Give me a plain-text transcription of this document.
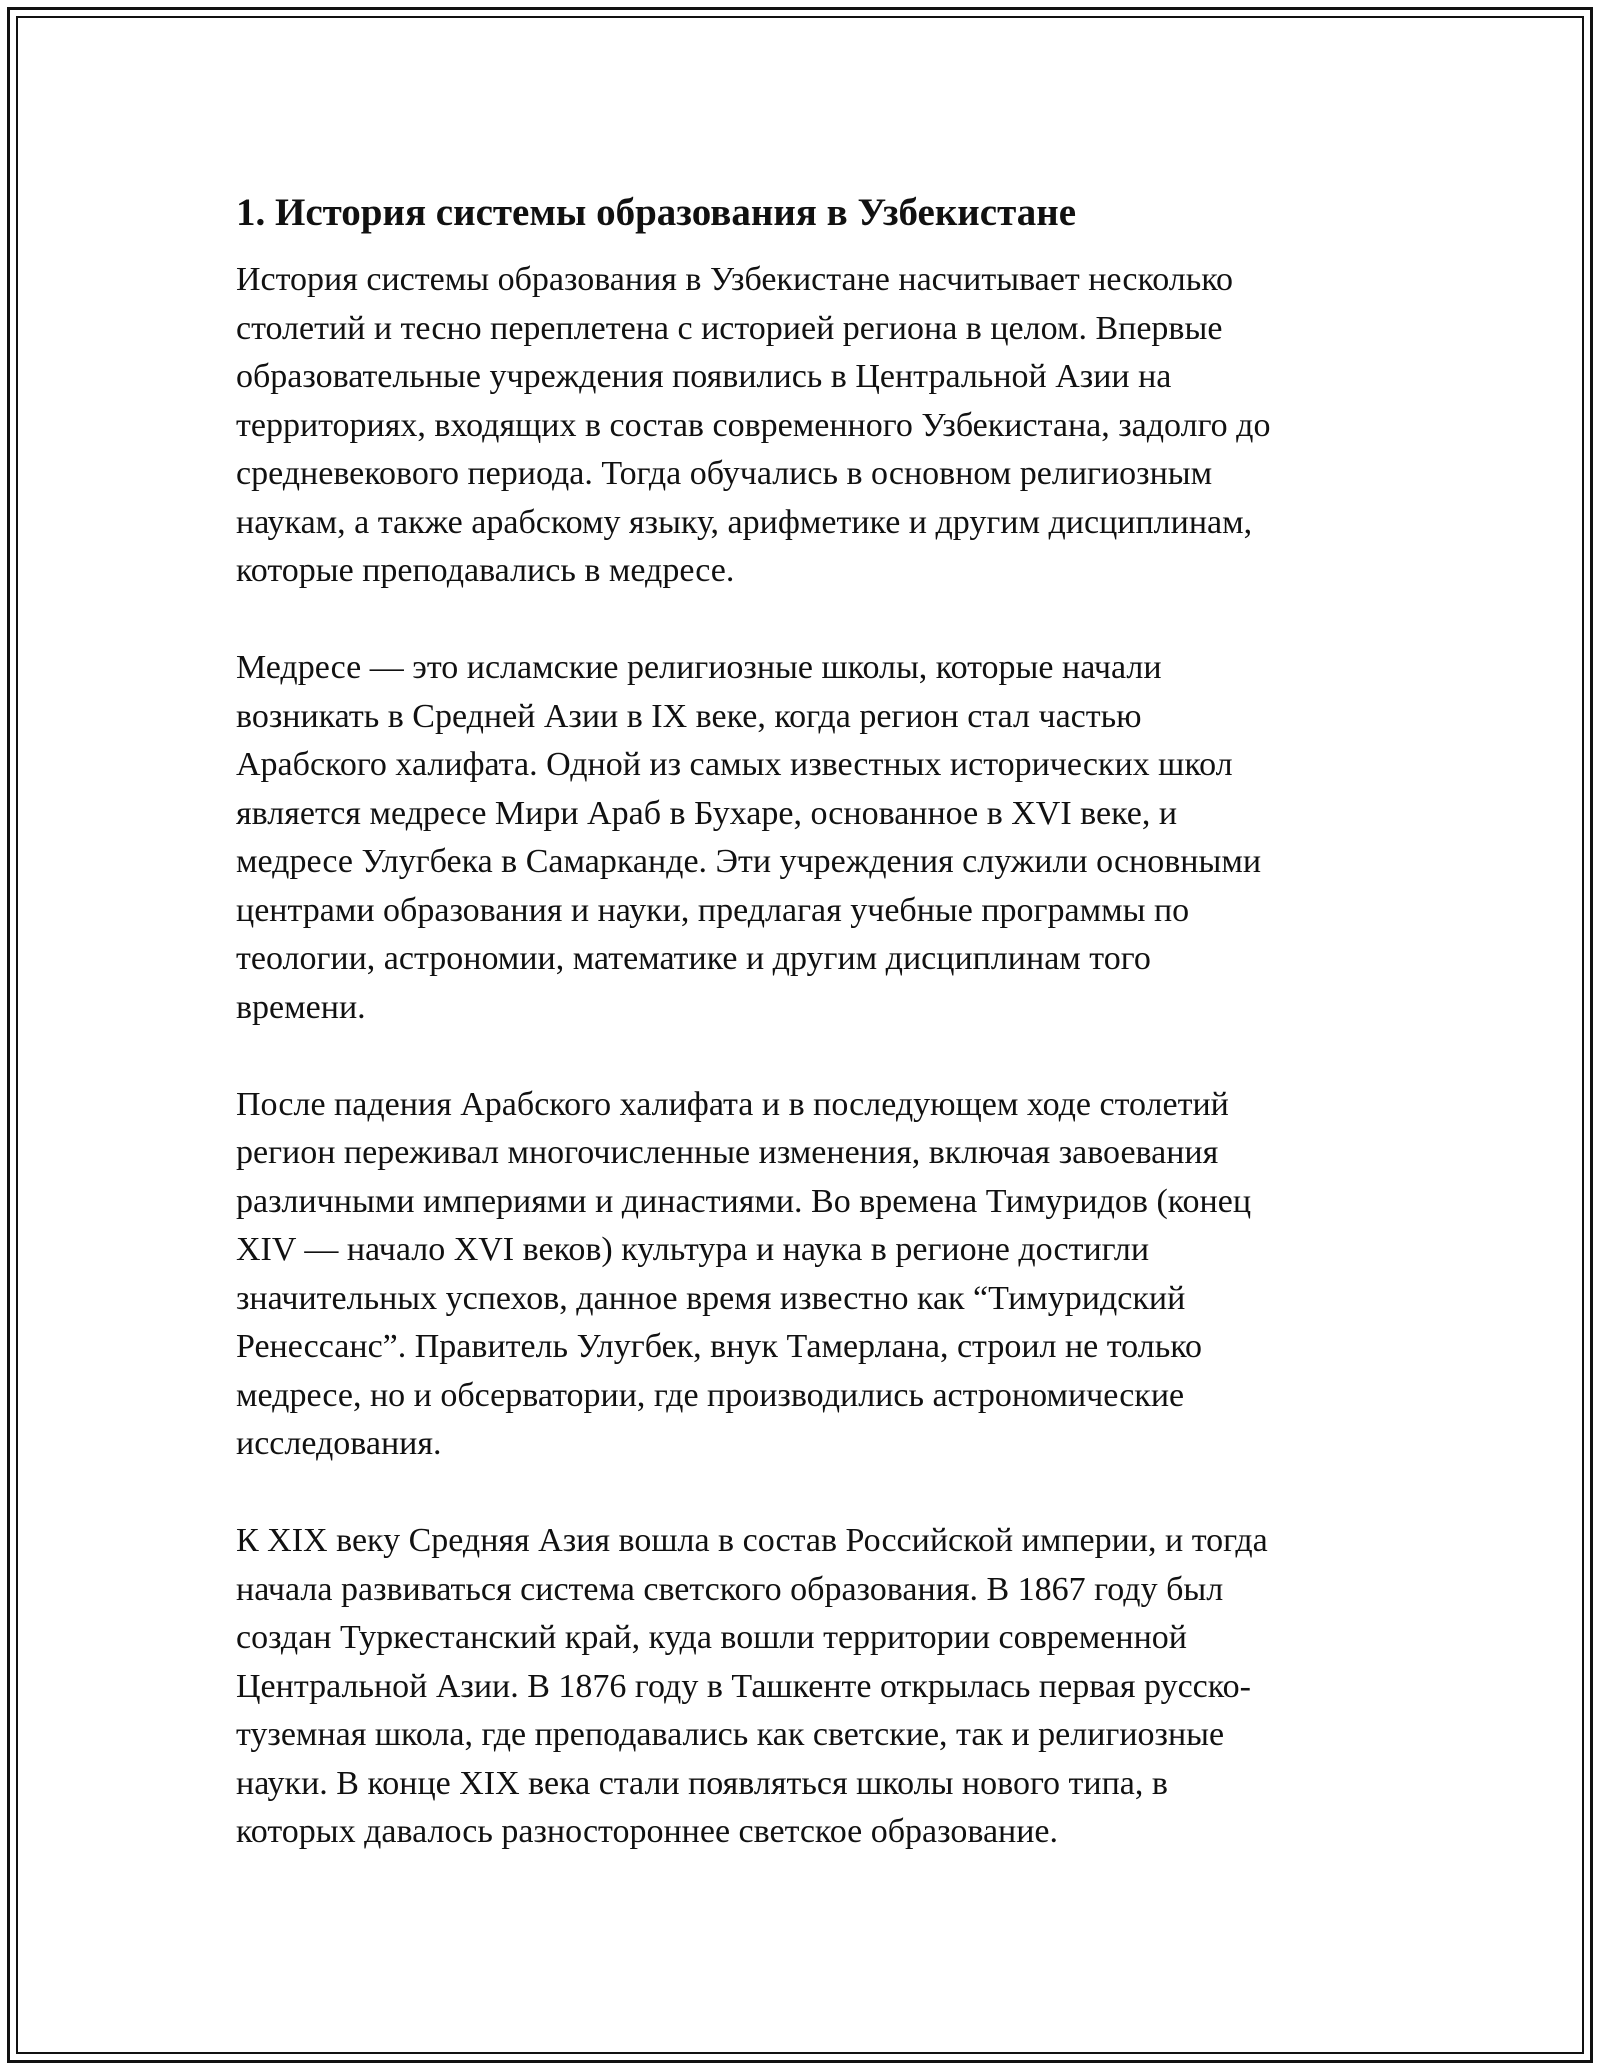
1. История системы образования в Узбекистане

История системы образования в Узбекистане насчитывает несколько
столетий и тесно переплетена с историей региона в целом. Впервые
образовательные учреждения появились в Центральной Азии на
территориях, входящих в состав современного Узбекистана, задолго до
средневекового периода. Тогда обучались в основном религиозным
наукам, а также арабскому языку, арифметике и другим дисциплинам,
которые преподавались в медресе.

Медресе — это исламские религиозные школы, которые начали
возникать в Средней Азии в IX веке, когда регион стал частью
Арабского халифата. Одной из самых известных исторических школ
является медресе Мири Араб в Бухаре, основанное в XVI веке, и
медресе Улугбека в Самарканде. Эти учреждения служили основными
центрами образования и науки, предлагая учебные программы по
теологии, астрономии, математике и другим дисциплинам того
времени.

После падения Арабского халифата и в последующем ходе столетий
регион переживал многочисленные изменения, включая завоевания
различными империями и династиями. Во времена Тимуридов (конец
XIV — начало XVI веков) культура и наука в регионе достигли
значительных успехов, данное время известно как “Тимуридский
Ренессанс”. Правитель Улугбек, внук Тамерлана, строил не только
медресе, но и обсерватории, где производились астрономические
исследования.

К XIX веку Средняя Азия вошла в состав Российской империи, и тогда
начала развиваться система светского образования. В 1867 году был
создан Туркестанский край, куда вошли территории современной
Центральной Азии. В 1876 году в Ташкенте открылась первая русско-
туземная школа, где преподавались как светские, так и религиозные
науки. В конце XIX века стали появляться школы нового типа, в
которых давалось разностороннее светское образование.
